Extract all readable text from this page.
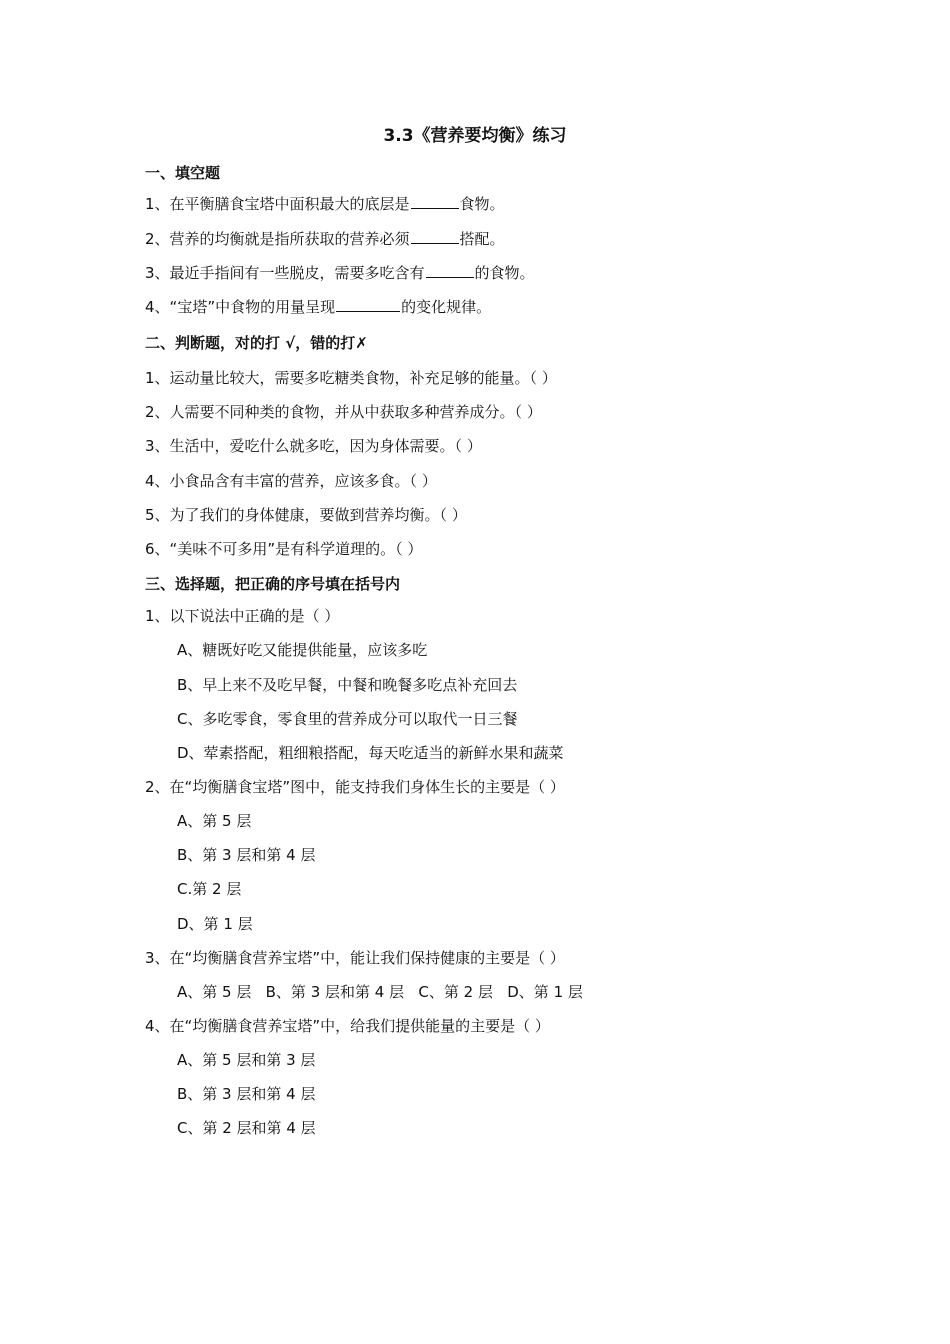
3.3《营养要均衡》练习
一、填空题
1、在平衡膳食宝塔中面积最大的底层是	食物。
2、营养的均衡就是指所获取的营养必须	搭配。
3、最近手指间有一些脱皮，需要多吃含有	的食物。
4、“宝塔”中食物的用量呈现	的变化规律。
二、判断题，对的打 √，错的打✗
1、运动量比较大，需要多吃糖类食物，补充足够的能量。（ ）
2、人需要不同种类的食物，并从中获取多种营养成分。（ ）
3、生活中，爱吃什么就多吃，因为身体需要。（ ）
4、小食品含有丰富的营养，应该多食。（ ）
5、为了我们的身体健康，要做到营养均衡。（ ）
6、“美味不可多用”是有科学道理的。（ ）
三、选择题，把正确的序号填在括号内
1、以下说法中正确的是（ ）
A、糖既好吃又能提供能量，应该多吃
B、早上来不及吃早餐，中餐和晚餐多吃点补充回去
C、多吃零食，零食里的营养成分可以取代一日三餐
D、荤素搭配，粗细粮搭配，每天吃适当的新鲜水果和蔬菜
2、在“均衡膳食宝塔”图中，能支持我们身体生长的主要是（ ）
A、第 5 层
B、第 3 层和第 4 层
C.第 2 层
D、第 1 层
3、在“均衡膳食营养宝塔”中，能让我们保持健康的主要是（ ）
A、第 5 层   B、第 3 层和第 4 层   C、第 2 层   D、第 1 层
4、在“均衡膳食营养宝塔”中，给我们提供能量的主要是（ ）
A、第 5 层和第 3 层
B、第 3 层和第 4 层
C、第 2 层和第 4 层
